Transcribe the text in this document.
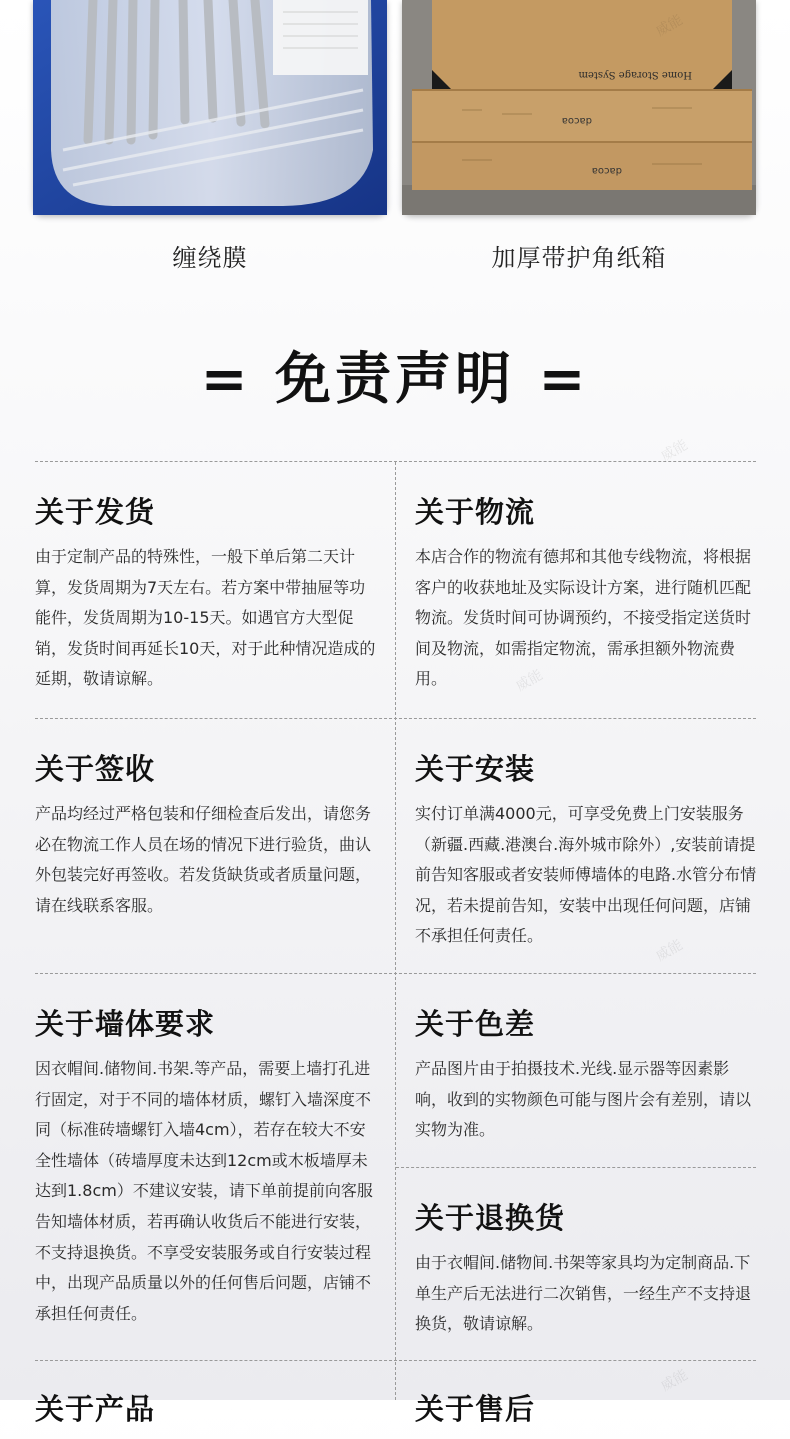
Home Storage System
dacoa
dacoa
缠绕膜	加厚带护角纸箱
= 免责声明 =
关于发货

由于定制产品的特殊性，一般下单后第二天计算，发货周期为7天左右。若方案中带抽屉等功能件，发货周期为10-15天。如遇官方大型促销，发货时间再延长10天，对于此种情况造成的延期，敬请谅解。

关于物流

本店合作的物流有德邦和其他专线物流，将根据客户的收获地址及实际设计方案，进行随机匹配物流。发货时间可协调预约，不接受指定送货时间及物流，如需指定物流，需承担额外物流费用。

关于签收

产品均经过严格包装和仔细检查后发出，请您务必在物流工作人员在场的情况下进行验货，曲认外包装完好再签收。若发货缺货或者质量问题，请在线联系客服。

关于安装

实付订单满4000元，可享受免费上门安装服务（新疆.西藏.港澳台.海外城市除外）,安装前请提前告知客服或者安装师傅墙体的电路.水管分布情况，若未提前告知，安装中出现任何问题，店铺不承担任何责任。

关于墙体要求

因衣帽间.储物间.书架.等产品，需要上墙打孔进行固定，对于不同的墙体材质，螺钉入墙深度不同（标准砖墙螺钉入墙4cm），若存在较大不安全性墙体（砖墙厚度未达到12cm或木板墙厚未达到1.8cm）不建议安装，请下单前提前向客服告知墙体材质，若再确认收货后不能进行安装，不支持退换货。不享受安装服务或自行安装过程中，出现产品质量以外的任何售后问题，店铺不承担任何责任。

关于色差

产品图片由于拍摄技术.光线.显示器等因素影响，收到的实物颜色可能与图片会有差别，请以实物为准。

关于退换货

由于衣帽间.储物间.书架等家具均为定制商品.下单生产后无法进行二次销售，一经生产不支持退换货，敬请谅解。

关于产品	关于售后
威能
威能
威能
威能
威能
